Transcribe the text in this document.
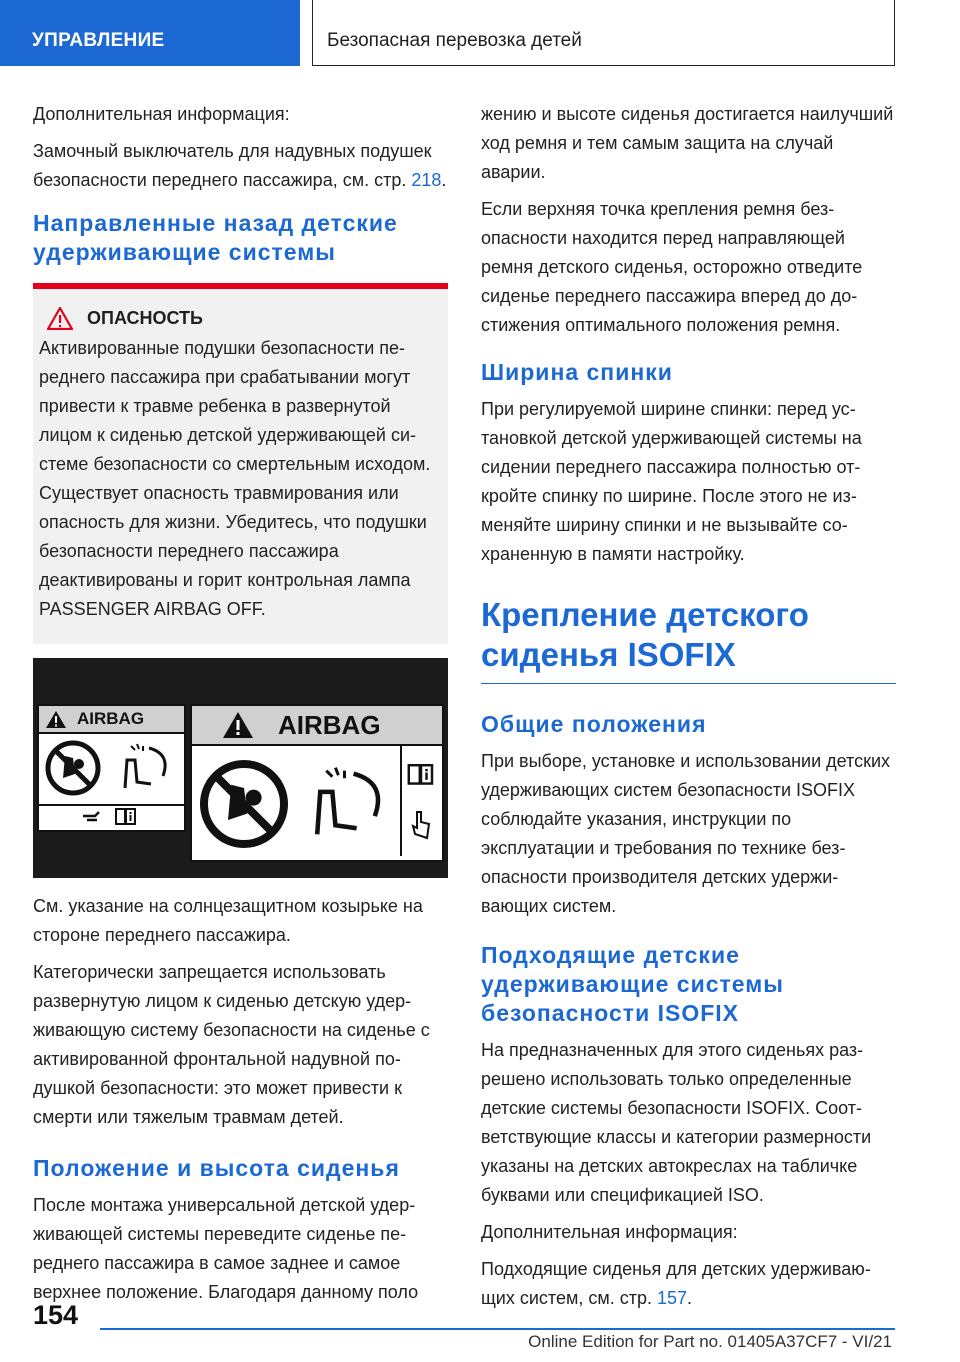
УПРАВЛЕНИЕ	Безопасная перевозка детей

Дополнительная информация:

Замочный выключатель для надувных подушек безопасности переднего пассажира, см. стр. 218.

Направленные назад детские удерживающие системы
ОПАСНОСТЬ

Активированные подушки безопасности переднего пассажира при срабатывании могут привести к травме ребенка в развернутой лицом к сиденью детской удерживающей системе безопасности со смертельным исходом. Существует опасность травмирования или опасность для жизни. Убедитесь, что подушки безопасности переднего пассажира деактивированы и горит контрольная лампа PASSENGER AIRBAG OFF.

AIRBAG	AIRBAG

См. указание на солнцезащитном козырьке на стороне переднего пассажира.

Категорически запрещается использовать развернутую лицом к сиденью детскую удерживающую систему безопасности на сиденье с активированной фронтальной надувной подушкой безопасности: это может привести к смерти или тяжелым травмам детей.

Положение и высота сиденья

После монтажа универсальной детской удерживающей системы переведите сиденье переднего пассажира в самое заднее и самое верхнее положение. Благодаря данному поло

жению и высоте сиденья достигается наилучший ход ремня и тем самым защита на случай аварии.

Если верхняя точка крепления ремня безопасности находится перед направляющей ремня детского сиденья, осторожно отведите сиденье переднего пассажира вперед до достижения оптимального положения ремня.

Ширина спинки

При регулируемой ширине спинки: перед установкой детской удерживающей системы на сидении переднего пассажира полностью откройте спинку по ширине. После этого не изменяйте ширину спинки и не вызывайте сохраненную в памяти настройку.

Крепление детского сиденья ISOFIX
Общие положения

При выборе, установке и использовании детских удерживающих систем безопасности ISOFIX соблюдайте указания, инструкции по эксплуатации и требования по технике безопасности производителя детских удерживающих систем.

Подходящие детские удерживающие системы безопасности ISOFIX

На предназначенных для этого сиденьях разрешено использовать только определенные детские системы безопасности ISOFIX. Соответствующие классы и категории размерности указаны на детских автокреслах на табличке буквами или спецификацией ISO.

Дополнительная информация:

Подходящие сиденья для детских удерживающих систем, см. стр. 157.

154
Online Edition for Part no. 01405A37CF7 - VI/21
